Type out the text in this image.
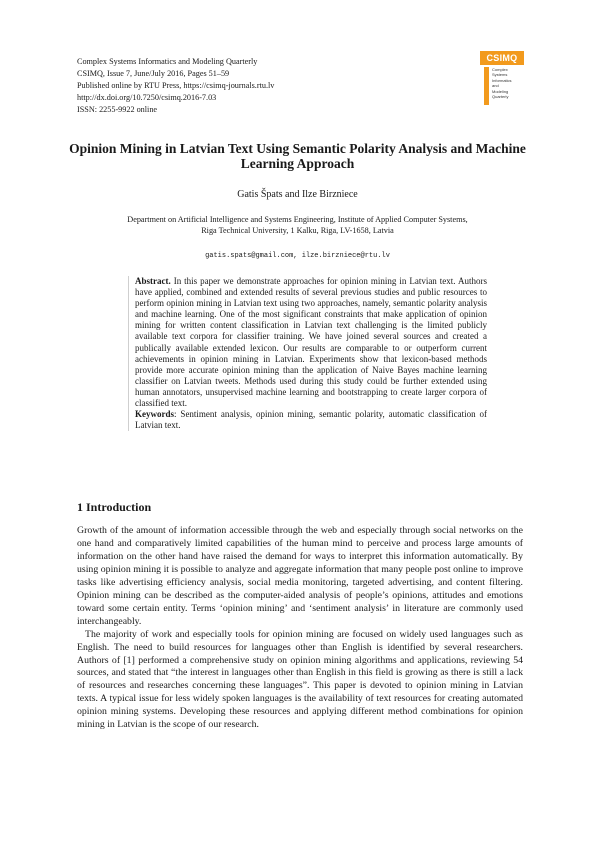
Complex Systems Informatics and Modeling Quarterly
CSIMQ, Issue 7, June/July 2016, Pages 51–59
Published online by RTU Press, https://csimq-journals.rtu.lv
http://dx.doi.org/10.7250/csimq.2016-7.03
ISSN: 2255-9922 online
CSIMQ
Complex
Systems
Informatics
and
Modeling
Quarterly
Opinion Mining in Latvian Text Using Semantic Polarity Analysis and Machine Learning Approach
Gatis Špats and Ilze Birzniece
Department on Artificial Intelligence and Systems Engineering, Institute of Applied Computer Systems,
Riga Technical University, 1 Kalku, Riga, LV-1658, Latvia
gatis.spats@gmail.com, ilze.birzniece@rtu.lv

Abstract. In this paper we demonstrate approaches for opinion mining in Latvian text. Authors have applied, combined and extended results of several previous studies and public resources to perform opinion mining in Latvian text using two approaches, namely, semantic polarity analysis and machine learning. One of the most significant constraints that make application of opinion mining for written content classification in Latvian text challenging is the limited publicly available text corpora for classifier training. We have joined several sources and created a publically available extended lexicon. Our results are comparable to or outperform current achievements in opinion mining in Latvian. Experiments show that lexicon-based methods provide more accurate opinion mining than the application of Naive Bayes machine learning classifier on Latvian tweets. Methods used during this study could be further extended using human annotators, unsupervised machine learning and bootstrapping to create larger corpora of classified text.

Keywords: Sentiment analysis, opinion mining, semantic polarity, automatic classification of Latvian text.

1 Introduction

Growth of the amount of information accessible through the web and especially through social networks on the one hand and comparatively limited capabilities of the human mind to perceive and process large amounts of information on the other hand have raised the demand for ways to interpret this information automatically. By using opinion mining it is possible to analyze and aggregate information that many people post online to improve tasks like advertising efficiency analysis, social media monitoring, targeted advertising, and content filtering. Opinion mining can be described as the computer-aided analysis of people’s opinions, attitudes and emotions toward some certain entity. Terms ‘opinion mining’ and ‘sentiment analysis’ in literature are commonly used interchangeably.

The majority of work and especially tools for opinion mining are focused on widely used languages such as English. The need to build resources for languages other than English is identified by several researchers. Authors of [1] performed a comprehensive study on opinion mining algorithms and applications, reviewing 54 sources, and stated that “the interest in languages other than English in this field is growing as there is still a lack of resources and researches concerning these languages”. This paper is devoted to opinion mining in Latvian texts. A typical issue for less widely spoken languages is the availability of text resources for creating automated opinion mining systems. Developing these resources and applying different method combinations for opinion mining in Latvian is the scope of our research.
